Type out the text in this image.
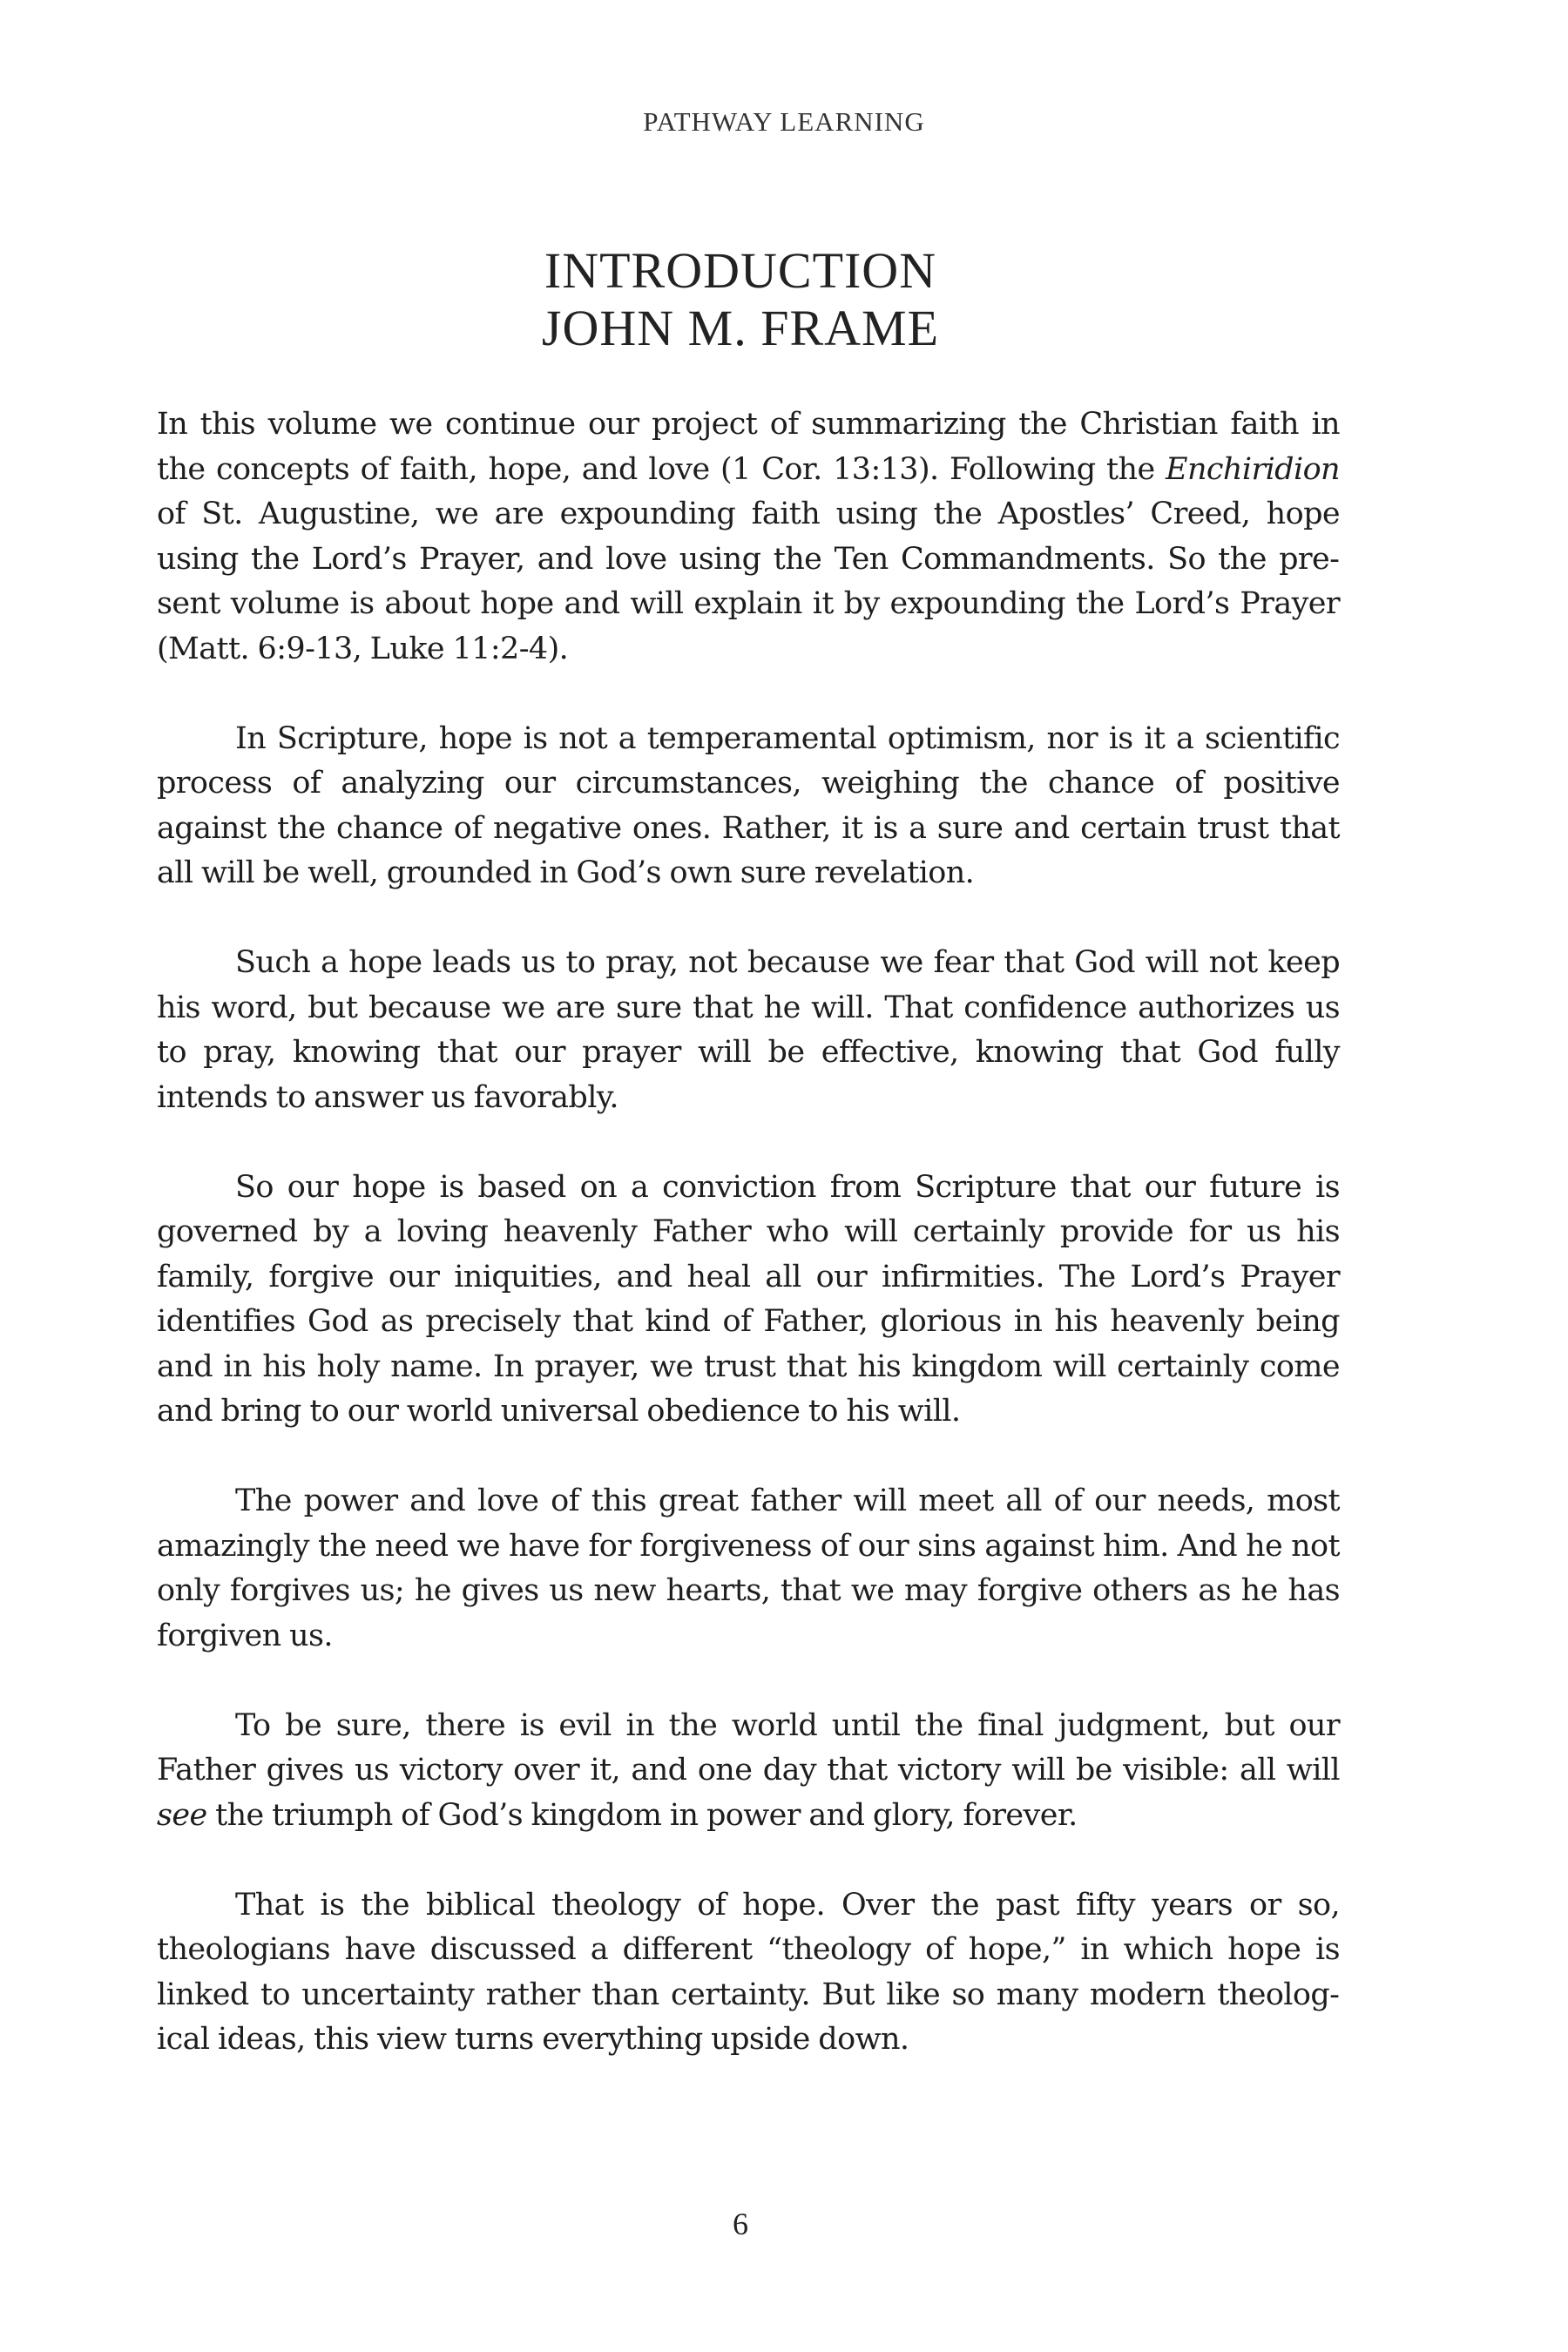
PATHWAY LEARNING
INTRODUCTION
JOHN M. FRAME

In this volume we continue our project of summarizing the Christian faith in the concepts of faith, hope, and love (1 Cor. 13:13). Following the Enchiridion of St. Augustine, we are expounding faith using the Apostles’ Creed, hope using the Lord’s Prayer, and love using the Ten Commandments. So the present volume is about hope and will explain it by expounding the Lord’s Prayer (Matt. 6:9-13, Luke 11:2-4).

In Scripture, hope is not a temperamental optimism, nor is it a scientific process of analyzing our circumstances, weighing the chance of positive against the chance of negative ones. Rather, it is a sure and certain trust that all will be well, grounded in God’s own sure revelation.

Such a hope leads us to pray, not because we fear that God will not keep his word, but because we are sure that he will. That confidence authorizes us to pray, knowing that our prayer will be effective, knowing that God fully intends to answer us favorably.

So our hope is based on a conviction from Scripture that our future is governed by a loving heavenly Father who will certainly provide for us his family, forgive our iniquities, and heal all our infirmities. The Lord’s Prayer identifies God as precisely that kind of Father, glorious in his heavenly being and in his holy name. In prayer, we trust that his kingdom will certainly come and bring to our world universal obedience to his will.

The power and love of this great father will meet all of our needs, most amazingly the need we have for forgiveness of our sins against him. And he not only forgives us; he gives us new hearts, that we may forgive others as he has forgiven us.

To be sure, there is evil in the world until the final judgment, but our Father gives us victory over it, and one day that victory will be visible: all will see the triumph of God’s kingdom in power and glory, forever.

That is the biblical theology of hope. Over the past fifty years or so, theologians have discussed a different “theology of hope,” in which hope is linked to uncertainty rather than certainty. But like so many modern theological ideas, this view turns everything upside down.

6
